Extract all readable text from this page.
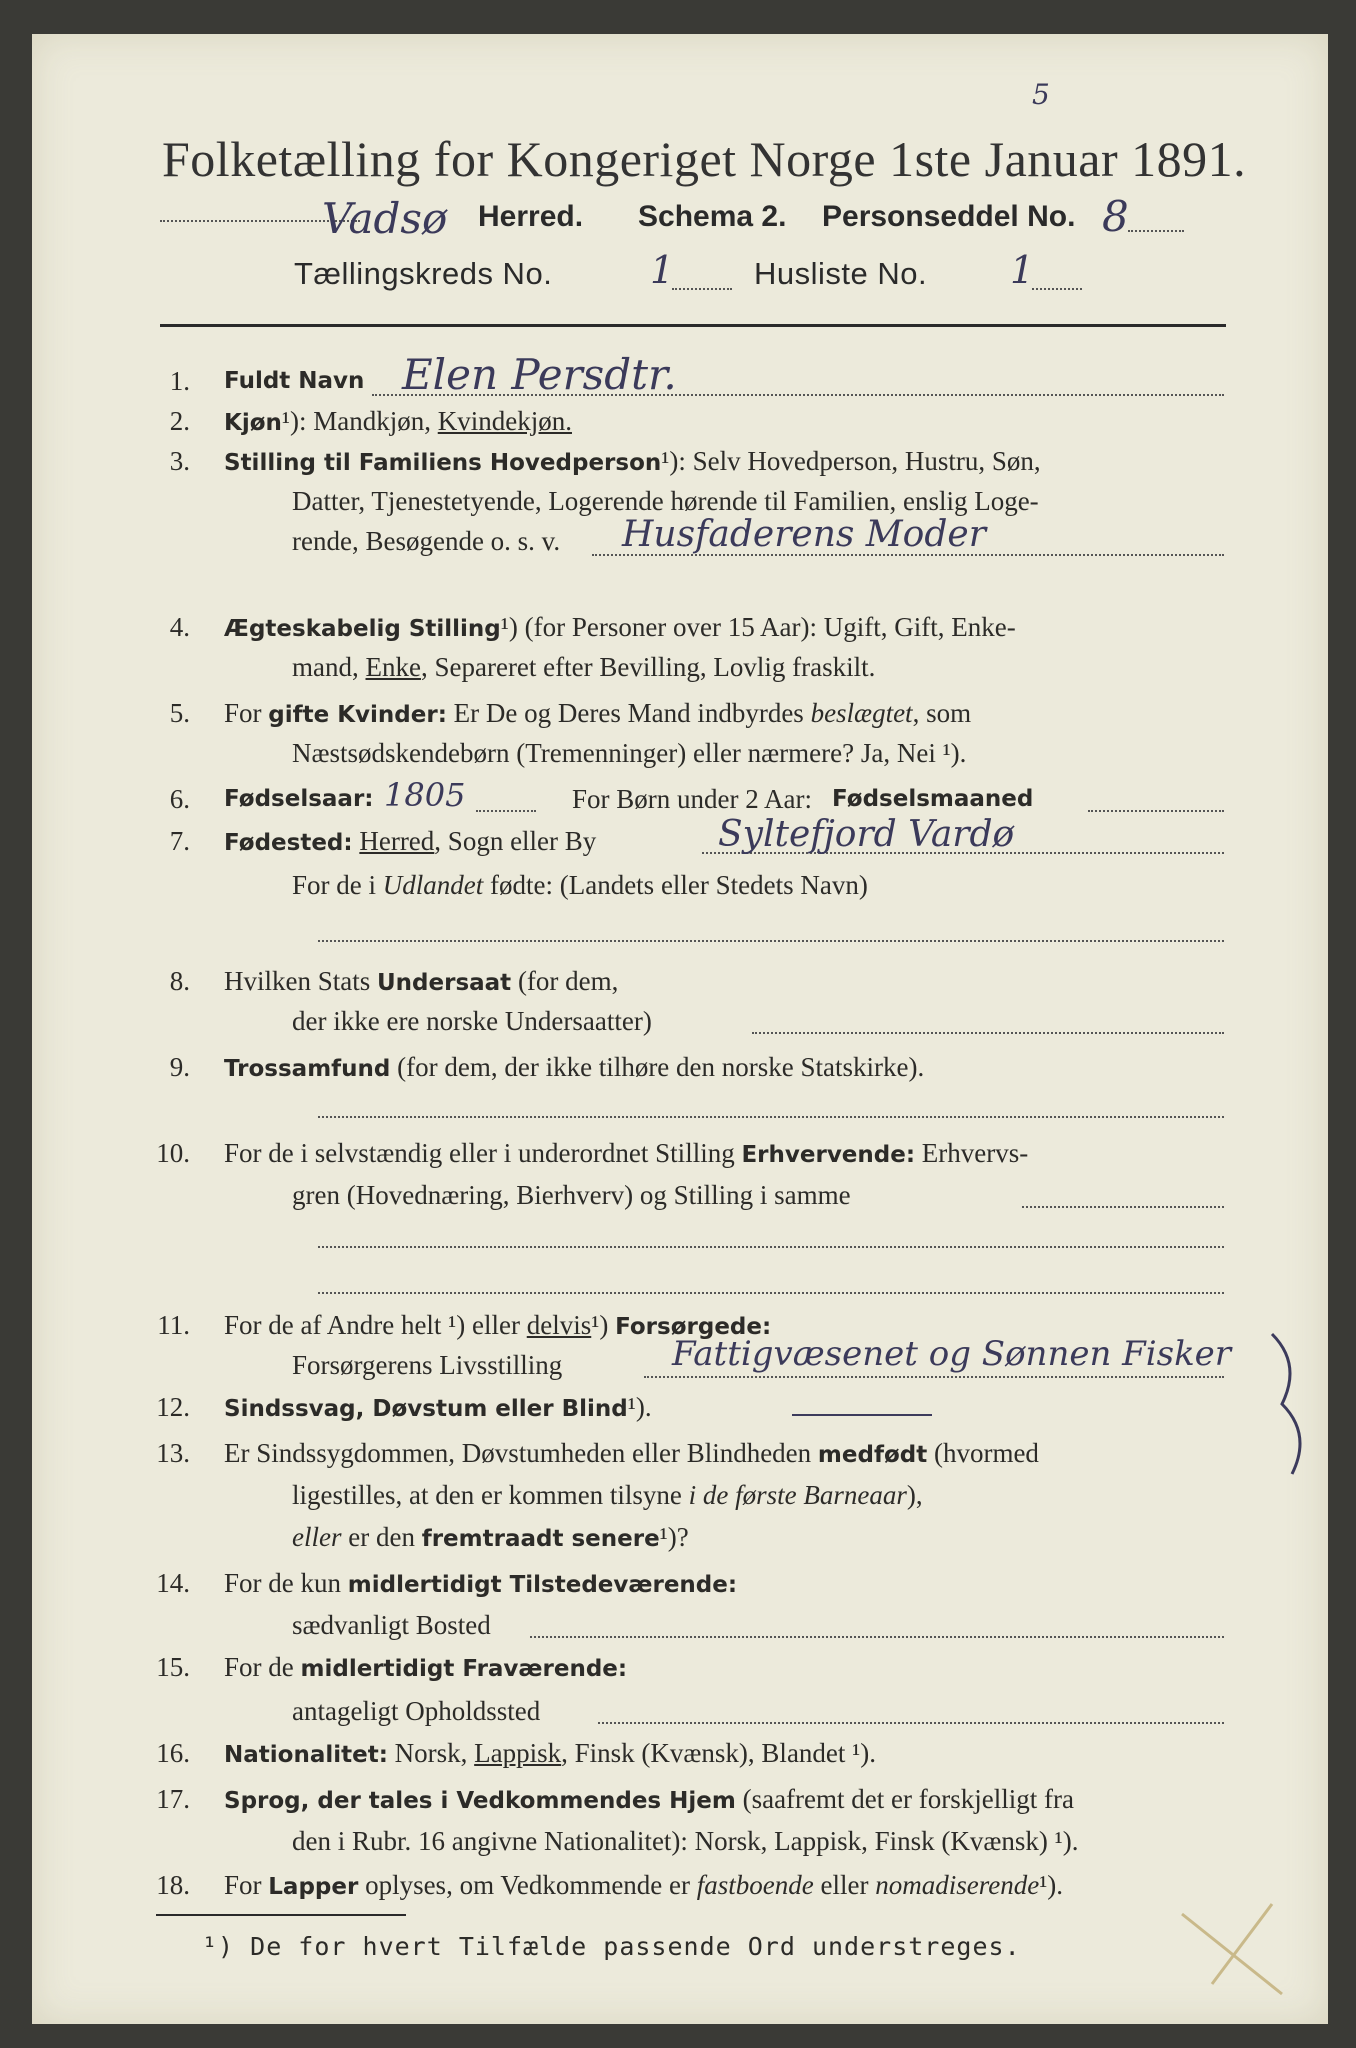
Folketælling for Kongeriget Norge 1ste Januar 1891.
5
Vadsø Herred. Schema 2. Personseddel No. 8
Tællingskreds No.	1	Husliste No. 1
1. Fuldt Navn Elen Persdtr.
2. Kjøn¹): Mandkjøn, Kvindekjøn.
3. Stilling til Familiens Hovedperson¹): Selv Hovedperson, Hustru, Søn,
Datter, Tjenestetyende, Logerende hørende til Familien, enslig Loge-
rende, Besøgende o. s. v. Husfaderens Moder
4. Ægteskabelig Stilling¹) (for Personer over 15 Aar): Ugift, Gift, Enke-
mand, Enke, Separeret efter Bevilling, Lovlig fraskilt.
5. For gifte Kvinder: Er De og Deres Mand indbyrdes beslægtet, som
Næstsødskendebørn (Tremenninger) eller nærmere? Ja, Nei ¹).
6. Fødselsaar: 1805	For Børn under 2 Aar: Fødselsmaaned
7. Fødested: Herred, Sogn eller By	Syltefjord Vardø
For de i Udlandet fødte: (Landets eller Stedets Navn)
8. Hvilken Stats Undersaat (for dem,
der ikke ere norske Undersaatter)
9. Trossamfund (for dem, der ikke tilhøre den norske Statskirke).
10. For de i selvstændig eller i underordnet Stilling Erhvervende: Erhvervs-
gren (Hovednæring, Bierhverv) og Stilling i samme
11. For de af Andre helt ¹) eller delvis¹) Forsørgede:
Forsørgerens Livsstilling	Fattigvæsenet og Sønnen Fisker
12. Sindssvag, Døvstum eller Blind¹).
13. Er Sindssygdommen, Døvstumheden eller Blindheden medfødt (hvormed
ligestilles, at den er kommen tilsyne i de første Barneaar),
eller er den fremtraadt senere¹)?
14. For de kun midlertidigt Tilstedeværende:
sædvanligt Bosted
15. For de midlertidigt Fraværende:
antageligt Opholdssted
16. Nationalitet: Norsk, Lappisk, Finsk (Kvænsk), Blandet ¹).
17. Sprog, der tales i Vedkommendes Hjem (saafremt det er forskjelligt fra
den i Rubr. 16 angivne Nationalitet): Norsk, Lappisk, Finsk (Kvænsk) ¹).
18. For Lapper oplyses, om Vedkommende er fastboende eller nomadiserende¹).
¹) De for hvert Tilfælde passende Ord understreges.
